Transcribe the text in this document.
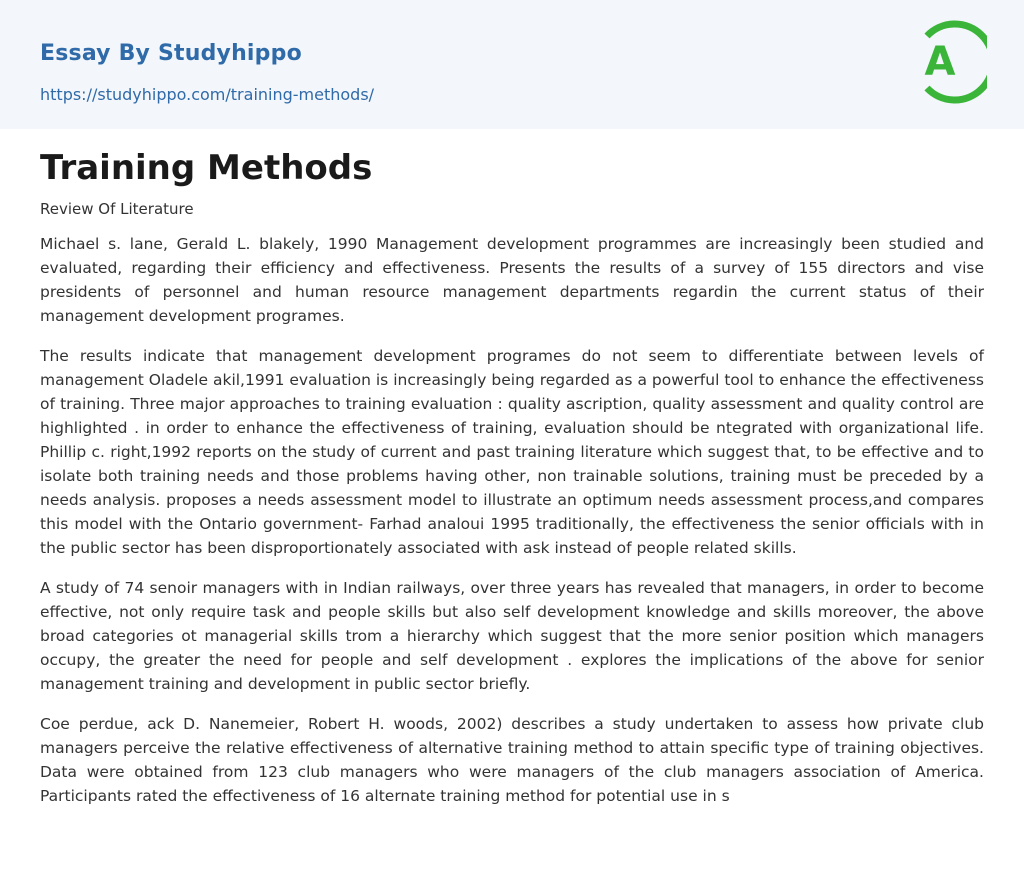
Essay By Studyhippo
https://studyhippo.com/training-methods/
A
Training Methods
Review Of Literature

Michael s. lane, Gerald L. blakely, 1990 Management development programmes are increasingly been studied and evaluated, regarding their efficiency and effectiveness. Presents the results of a survey of 155 directors and vise presidents of personnel and human resource management departments regardin the current status of their management development programes.

The results indicate that management development programes do not seem to differentiate between levels of management Oladele akil,1991 evaluation is increasingly being regarded as a powerful tool to enhance the effectiveness of training. Three major approaches to training evaluation : quality ascription, quality assessment and quality control are highlighted . in order to enhance the effectiveness of training, evaluation should be ntegrated with organizational life. Phillip c. right,1992 reports on the study of current and past training literature which suggest that, to be effective and to isolate both training needs and those problems having other, non trainable solutions, training must be preceded by a needs analysis. proposes a needs assessment model to illustrate an optimum needs assessment process,and compares this model with the Ontario government- Farhad analoui 1995 traditionally, the effectiveness the senior officials with in the public sector has been disproportionately associated with ask instead of people related skills.

A study of 74 senoir managers with in Indian railways, over three years has revealed that managers, in order to become effective, not only require task and people skills but also self development knowledge and skills moreover, the above broad categories ot managerial skills trom a hierarchy which suggest that the more senior position which managers occupy, the greater the need for people and self development . explores the implications of the above for senior management training and development in public sector briefly.

Coe perdue, ack D. Nanemeier, Robert H. woods, 2002) describes a study undertaken to assess how private club managers perceive the relative effectiveness of alternative training method to attain specific type of training objectives. Data were obtained from 123 club managers who were managers of the club managers association of America. Participants rated the effectiveness of 16 alternate training method for potential use in s
